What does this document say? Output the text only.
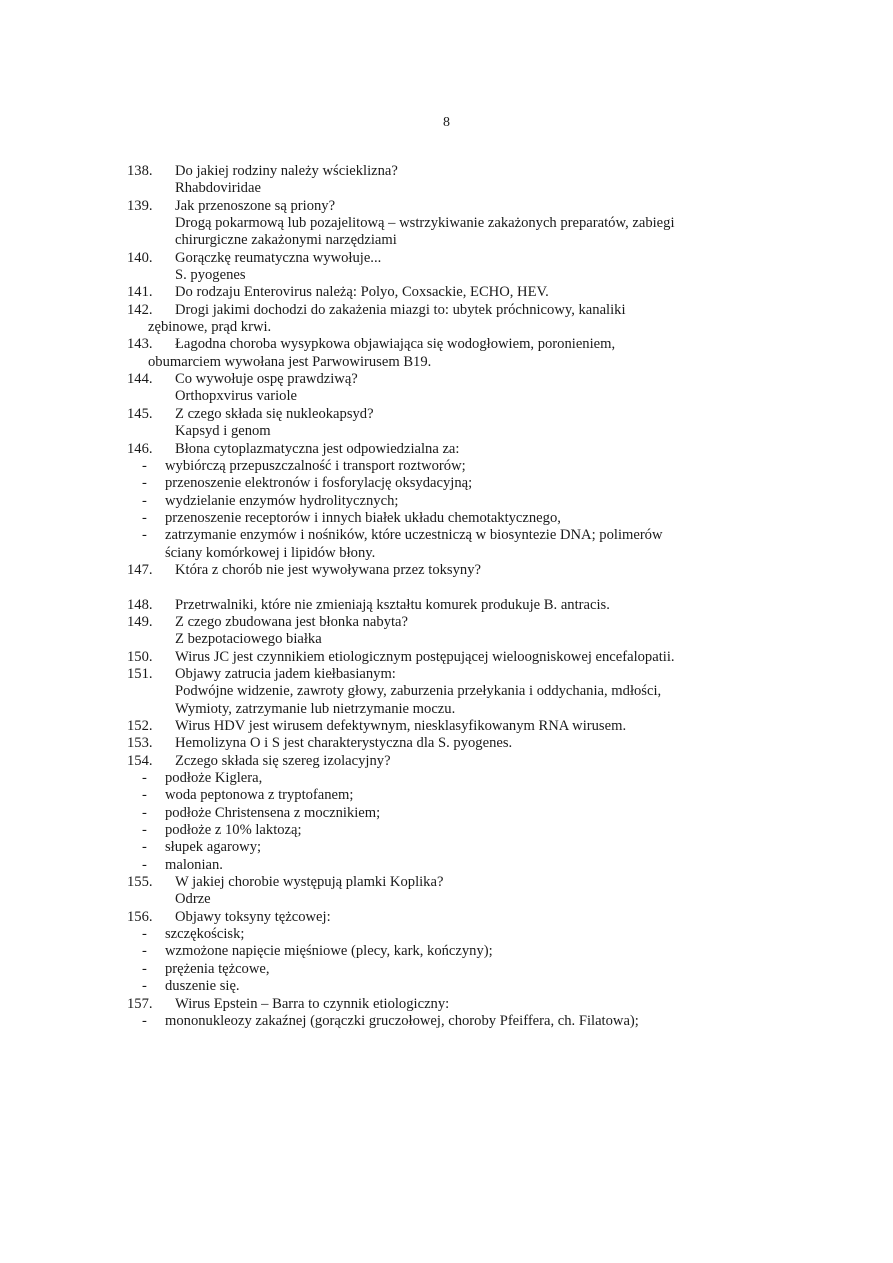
8
138. Do jakiej rodziny należy wścieklizna?
Rhabdoviridae
139. Jak przenoszone są priony?
Drogą pokarmową lub pozajelitową – wstrzykiwanie zakażonych preparatów, zabiegi
chirurgiczne zakażonymi narzędziami
140. Gorączkę reumatyczna wywołuje...
S. pyogenes
141. Do rodzaju Enterovirus należą: Polyo, Coxsackie, ECHO, HEV.
142. Drogi jakimi dochodzi do zakażenia miazgi to: ubytek próchnicowy, kanaliki
zębinowe, prąd krwi.
143. Łagodna choroba wysypkowa objawiająca się wodogłowiem, poronieniem,
obumarciem wywołana jest Parwowirusem B19.
144. Co wywołuje ospę prawdziwą?
Orthopxvirus variole
145. Z czego składa się nukleokapsyd?
Kapsyd i genom
146. Błona cytoplazmatyczna jest odpowiedzialna za:
- wybiórczą przepuszczalność i transport roztworów;
- przenoszenie elektronów i fosforylację oksydacyjną;
- wydzielanie enzymów hydrolitycznych;
- przenoszenie receptorów i innych białek układu chemotaktycznego,
- zatrzymanie enzymów i nośników, które uczestniczą w biosyntezie DNA; polimerów
ściany komórkowej i lipidów błony.
147. Która z chorób nie jest wywoływana przez toksyny?
148. Przetrwalniki, które nie zmieniają kształtu komurek produkuje B. antracis.
149. Z czego zbudowana jest błonka nabyta?
Z bezpotaciowego białka
150. Wirus JC jest czynnikiem etiologicznym postępującej wieloogniskowej encefalopatii.
151. Objawy zatrucia jadem kiełbasianym:
Podwójne widzenie, zawroty głowy, zaburzenia przełykania i oddychania, mdłości,
Wymioty, zatrzymanie lub nietrzymanie moczu.
152. Wirus HDV jest wirusem defektywnym, niesklasyfikowanym RNA wirusem.
153. Hemolizyna O i S jest charakterystyczna dla S. pyogenes.
154. Zczego składa się szereg izolacyjny?
- podłoże Kiglera,
- woda peptonowa z tryptofanem;
- podłoże Christensena z mocznikiem;
- podłoże z 10% laktozą;
- słupek agarowy;
- malonian.
155. W jakiej chorobie występują plamki Koplika?
Odrze
156. Objawy toksyny tężcowej:
- szczękościsk;
- wzmożone napięcie mięśniowe (plecy, kark, kończyny);
- prężenia tężcowe,
- duszenie się.
157. Wirus Epstein – Barra to czynnik etiologiczny:
- mononukleozy zakaźnej (gorączki gruczołowej, choroby Pfeiffera, ch. Filatowa);
